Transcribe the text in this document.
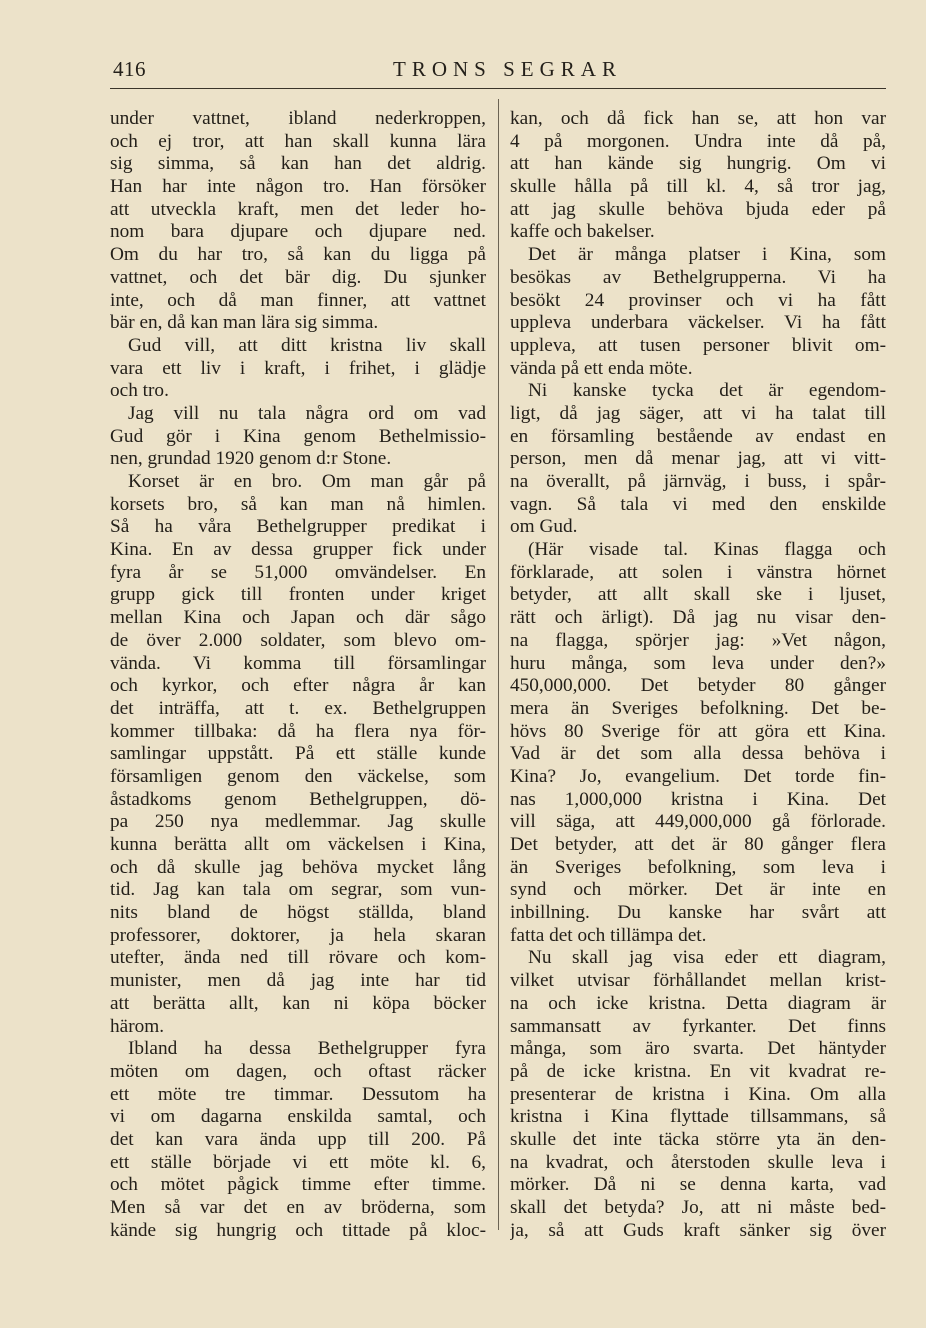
416	TRONS SEGRAR
under vattnet, ibland nederkroppen,
och ej tror, att han skall kunna lära
sig simma, så kan han det aldrig.
Han har inte någon tro. Han försöker
att utveckla kraft, men det leder ho-
nom bara djupare och djupare ned.
Om du har tro, så kan du ligga på
vattnet, och det bär dig. Du sjunker
inte, och då man finner, att vattnet
bär en, då kan man lära sig simma.
Gud vill, att ditt kristna liv skall
vara ett liv i kraft, i frihet, i glädje
och tro.
Jag vill nu tala några ord om vad
Gud gör i Kina genom Bethelmissio-
nen, grundad 1920 genom d:r Stone.
Korset är en bro. Om man går på
korsets bro, så kan man nå himlen.
Så ha våra Bethelgrupper predikat i
Kina. En av dessa grupper fick under
fyra år se 51,000 omvändelser. En
grupp gick till fronten under kriget
mellan Kina och Japan och där sågo
de över 2.000 soldater, som blevo om-
vända. Vi komma till församlingar
och kyrkor, och efter några år kan
det inträffa, att t. ex. Bethelgruppen
kommer tillbaka: då ha flera nya för-
samlingar uppstått. På ett ställe kunde
församligen genom den väckelse, som
åstadkoms genom Bethelgruppen, dö-
pa 250 nya medlemmar. Jag skulle
kunna berätta allt om väckelsen i Kina,
och då skulle jag behöva mycket lång
tid. Jag kan tala om segrar, som vun-
nits bland de högst ställda, bland
professorer, doktorer, ja hela skaran
utefter, ända ned till rövare och kom-
munister, men då jag inte har tid
att berätta allt, kan ni köpa böcker
härom.
Ibland ha dessa Bethelgrupper fyra
möten om dagen, och oftast räcker
ett möte tre timmar. Dessutom ha
vi om dagarna enskilda samtal, och
det kan vara ända upp till 200. På
ett ställe började vi ett möte kl. 6,
och mötet pågick timme efter timme.
Men så var det en av bröderna, som
kände sig hungrig och tittade på kloc-
kan, och då fick han se, att hon var
4 på morgonen. Undra inte då på,
att han kände sig hungrig. Om vi
skulle hålla på till kl. 4, så tror jag,
att jag skulle behöva bjuda eder på
kaffe och bakelser.
Det är många platser i Kina, som
besökas av Bethelgrupperna. Vi ha
besökt 24 provinser och vi ha fått
uppleva underbara väckelser. Vi ha fått
uppleva, att tusen personer blivit om-
vända på ett enda möte.
Ni kanske tycka det är egendom-
ligt, då jag säger, att vi ha talat till
en församling bestående av endast en
person, men då menar jag, att vi vitt-
na överallt, på järnväg, i buss, i spår-
vagn. Så tala vi med den enskilde
om Gud.
(Här visade tal. Kinas flagga och
förklarade, att solen i vänstra hörnet
betyder, att allt skall ske i ljuset,
rätt och ärligt). Då jag nu visar den-
na flagga, spörjer jag: »Vet någon,
huru många, som leva under den?»
450,000,000. Det betyder 80 gånger
mera än Sveriges befolkning. Det be-
hövs 80 Sverige för att göra ett Kina.
Vad är det som alla dessa behöva i
Kina? Jo, evangelium. Det torde fin-
nas 1,000,000 kristna i Kina. Det
vill säga, att 449,000,000 gå förlorade.
Det betyder, att det är 80 gånger flera
än Sveriges befolkning, som leva i
synd och mörker. Det är inte en
inbillning. Du kanske har svårt att
fatta det och tillämpa det.
Nu skall jag visa eder ett diagram,
vilket utvisar förhållandet mellan krist-
na och icke kristna. Detta diagram är
sammansatt av fyrkanter. Det finns
många, som äro svarta. Det häntyder
på de icke kristna. En vit kvadrat re-
presenterar de kristna i Kina. Om alla
kristna i Kina flyttade tillsammans, så
skulle det inte täcka större yta än den-
na kvadrat, och återstoden skulle leva i
mörker. Då ni se denna karta, vad
skall det betyda? Jo, att ni måste bed-
ja, så att Guds kraft sänker sig över
